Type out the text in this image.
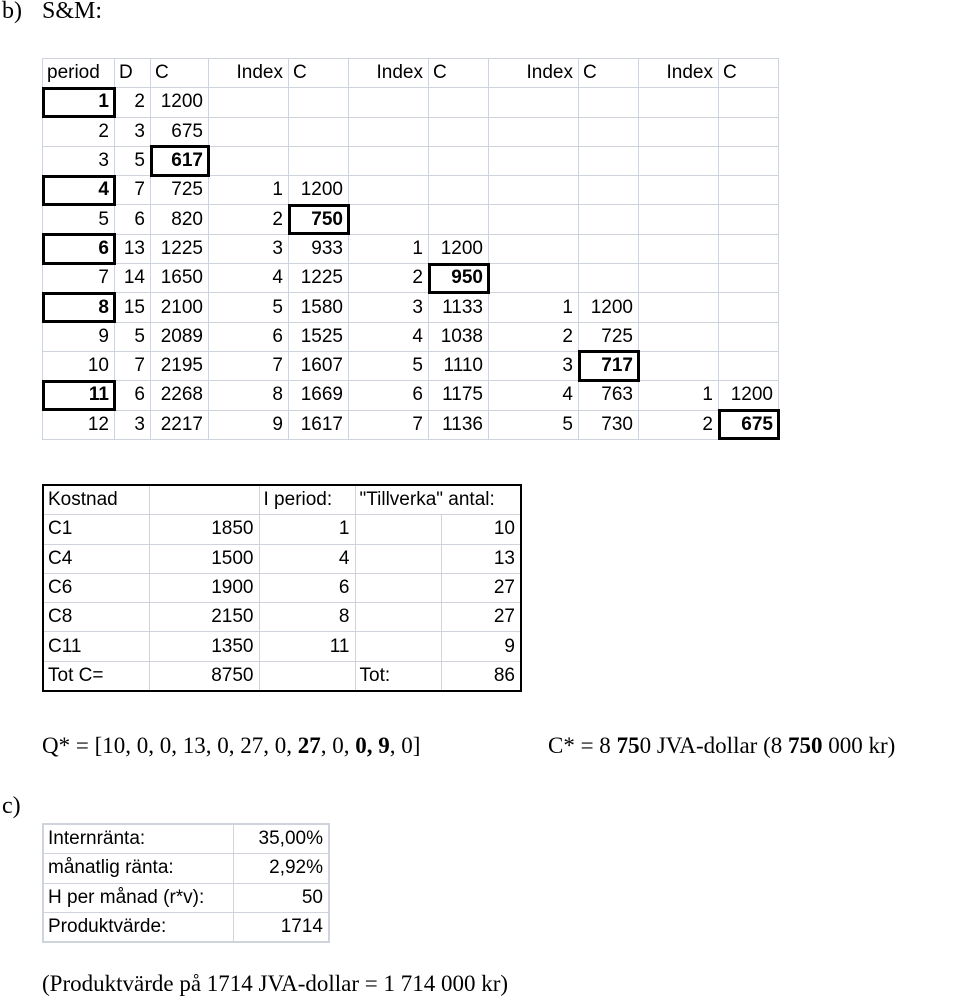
b) S&M:
period	D	C	Index	C	Index	C	Index	C	Index	C
1	2	1200								
2	3	675								
3	5	617								
4	7	725	1	1200						
5	6	820	2	750						
6	13	1225	3	933	1	1200				
7	14	1650	4	1225	2	950				
8	15	2100	5	1580	3	1133	1	1200		
9	5	2089	6	1525	4	1038	2	725		
10	7	2195	7	1607	5	1110	3	717		
11	6	2268	8	1669	6	1175	4	763	1	1200
12	3	2217	9	1617	7	1136	5	730	2	675
Kostnad		I period:	"Tillverka" antal:	
C1	1850	1		10
C4	1500	4		13
C6	1900	6		27
C8	2150	8		27
C11	1350	11		9
Tot C=	8750		Tot:	86
Q* = [10, 0, 0, 13, 0, 27, 0, 27, 0, 0, 9, 0]	C* = 8 750 JVA-dollar (8 750 000 kr)
c)
Internränta:	35,00%
månatlig ränta:	2,92%
H per månad (r*v):	50
Produktvärde:	1714
(Produktvärde på 1714 JVA-dollar = 1 714 000 kr)
